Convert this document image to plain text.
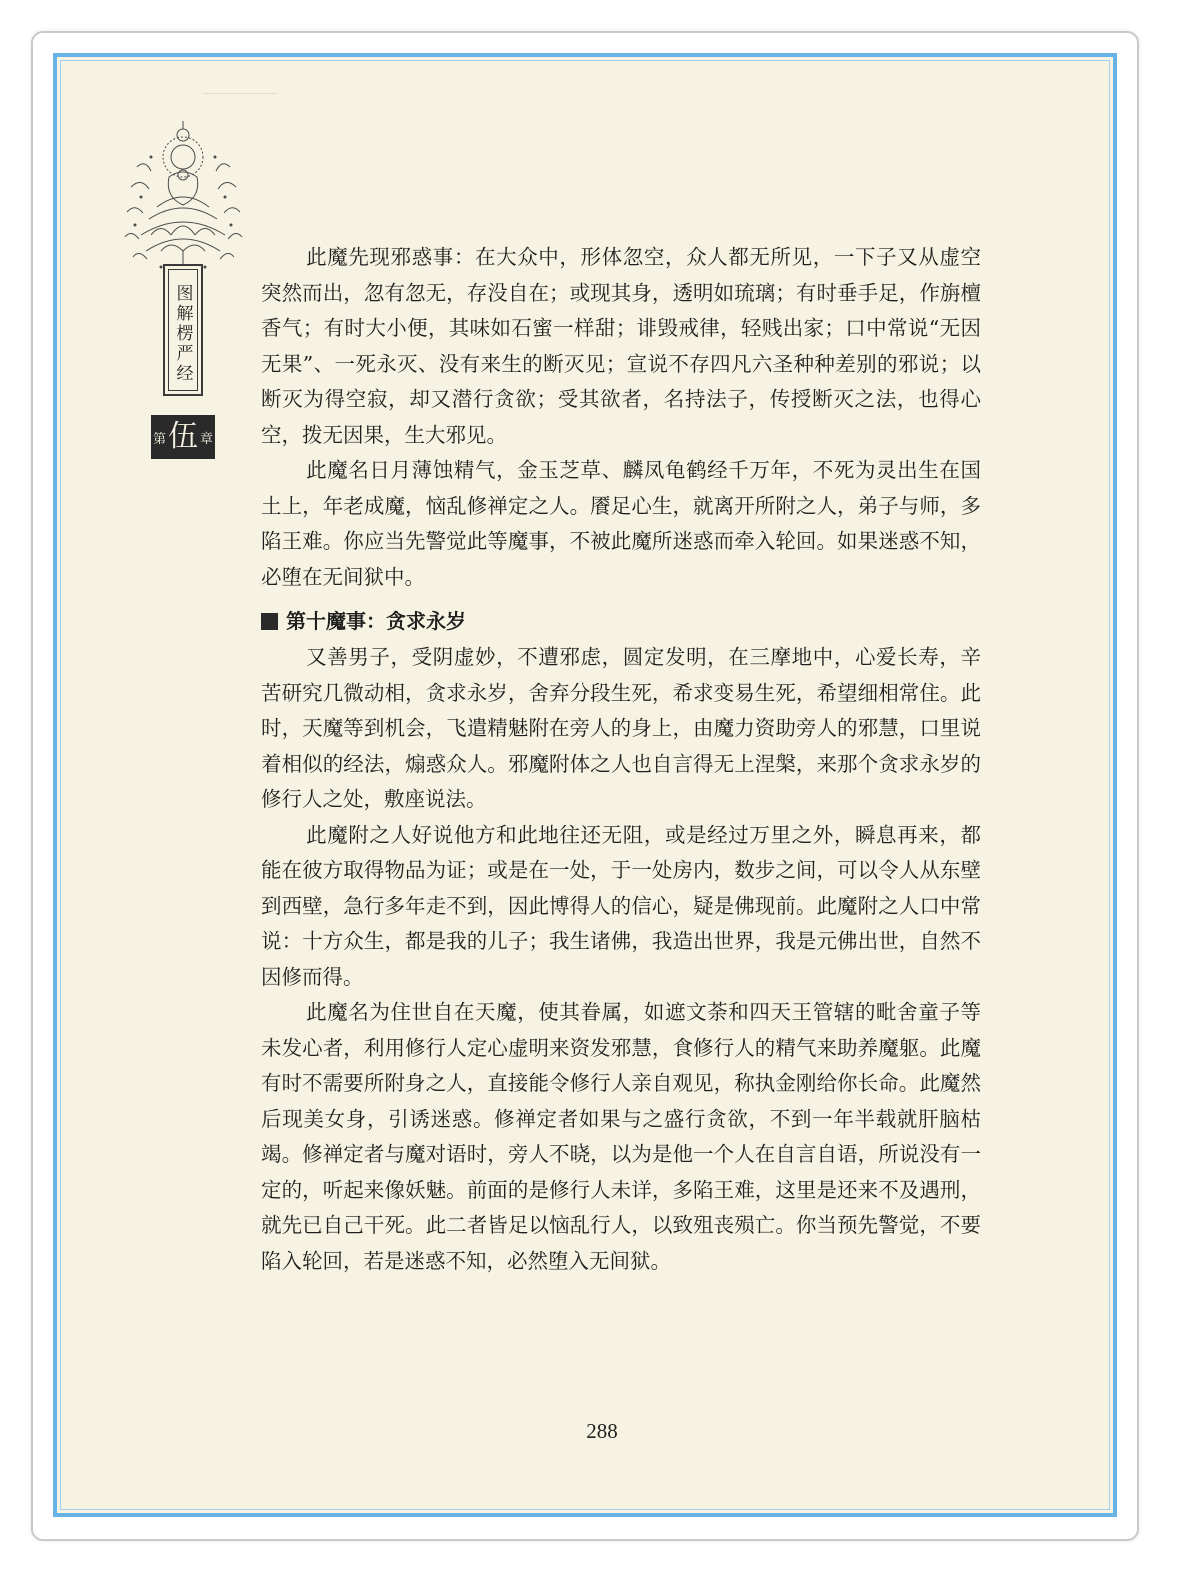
图解楞严经
第 伍 章

此魔先现邪惑事：在大众中，形体忽空，众人都无所见，一下子又从虚空突然而出，忽有忽无，存没自在；或现其身，透明如琉璃；有时垂手足，作旃檀香气；有时大小便，其味如石蜜一样甜；诽毁戒律，轻贱出家；口中常说“无因无果”、一死永灭、没有来生的断灭见；宣说不存四凡六圣种种差别的邪说；以断灭为得空寂，却又潜行贪欲；受其欲者，名持法子，传授断灭之法，也得心空，拨无因果，生大邪见。

此魔名日月薄蚀精气，金玉芝草、麟凤龟鹤经千万年，不死为灵出生在国土上，年老成魔，恼乱修禅定之人。餍足心生，就离开所附之人，弟子与师，多陷王难。你应当先警觉此等魔事，不被此魔所迷惑而牵入轮回。如果迷惑不知，必堕在无间狱中。

第十魔事：贪求永岁

又善男子，受阴虚妙，不遭邪虑，圆定发明，在三摩地中，心爱长寿，辛苦研究几微动相，贪求永岁，舍弃分段生死，希求变易生死，希望细相常住。此时，天魔等到机会，飞遣精魅附在旁人的身上，由魔力资助旁人的邪慧，口里说着相似的经法，煽惑众人。邪魔附体之人也自言得无上涅槃，来那个贪求永岁的修行人之处，敷座说法。

此魔附之人好说他方和此地往还无阻，或是经过万里之外，瞬息再来，都能在彼方取得物品为证；或是在一处，于一处房内，数步之间，可以令人从东壁到西壁，急行多年走不到，因此博得人的信心，疑是佛现前。此魔附之人口中常说：十方众生，都是我的儿子；我生诸佛，我造出世界，我是元佛出世，自然不因修而得。

此魔名为住世自在天魔，使其眷属，如遮文荼和四天王管辖的毗舍童子等未发心者，利用修行人定心虚明来资发邪慧，食修行人的精气来助养魔躯。此魔有时不需要所附身之人，直接能令修行人亲自观见，称执金刚给你长命。此魔然后现美女身，引诱迷惑。修禅定者如果与之盛行贪欲，不到一年半载就肝脑枯竭。修禅定者与魔对语时，旁人不晓，以为是他一个人在自言自语，所说没有一定的，听起来像妖魅。前面的是修行人未详，多陷王难，这里是还来不及遇刑，就先已自己干死。此二者皆足以恼乱行人，以致殂丧殒亡。你当预先警觉，不要陷入轮回，若是迷惑不知，必然堕入无间狱。

288
